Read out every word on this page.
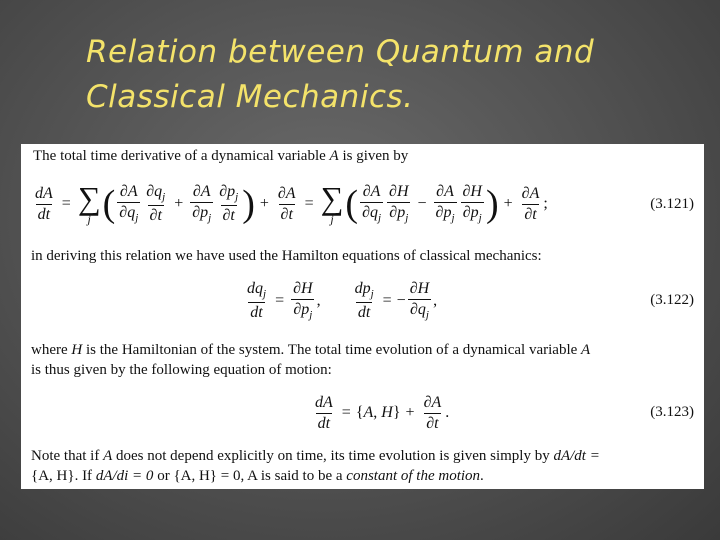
Relation between Quantum and
Classical Mechanics.
The total time derivative of a dynamical variable A is given by
$\frac{dA}{dt}$ = ∑
j ( $\frac{\partial A}{\partial q_j} \frac{\partial q_j}{\partial t} + \frac{\partial A}{\partial p_j} \frac{\partial p_j}{\partial t}$ ) + $\frac{\partial A}{\partial t}$ = ∑
j ( $\frac{\partial A}{\partial q_j} \frac{\partial H}{\partial p_j} - \frac{\partial A}{\partial p_j} \frac{\partial H}{\partial p_j}$ ) + $\frac{\partial A}{\partial t}$ ;	(3.121)
in deriving this relation we have used the Hamilton equations of classical mechanics:
$\frac{dq_j}{dt} = \frac{\partial H}{\partial p_j}$ , $\frac{dp_j}{dt}$ = − $\frac{\partial H}{\partial q_j}$ ,	(3.122)
where H is the Hamiltonian of the system. The total time evolution of a dynamical variable A
is thus given by the following equation of motion:
$\frac{dA}{dt} = \{A$, $H\} + \frac{\partial A}{\partial t}$ .	(3.123)
Note that if A does not depend explicitly on time, its time evolution is given simply by dA/dt =
{A, H}. If dA/di = 0 or {A, H} = 0, A is said to be a constant of the motion.
